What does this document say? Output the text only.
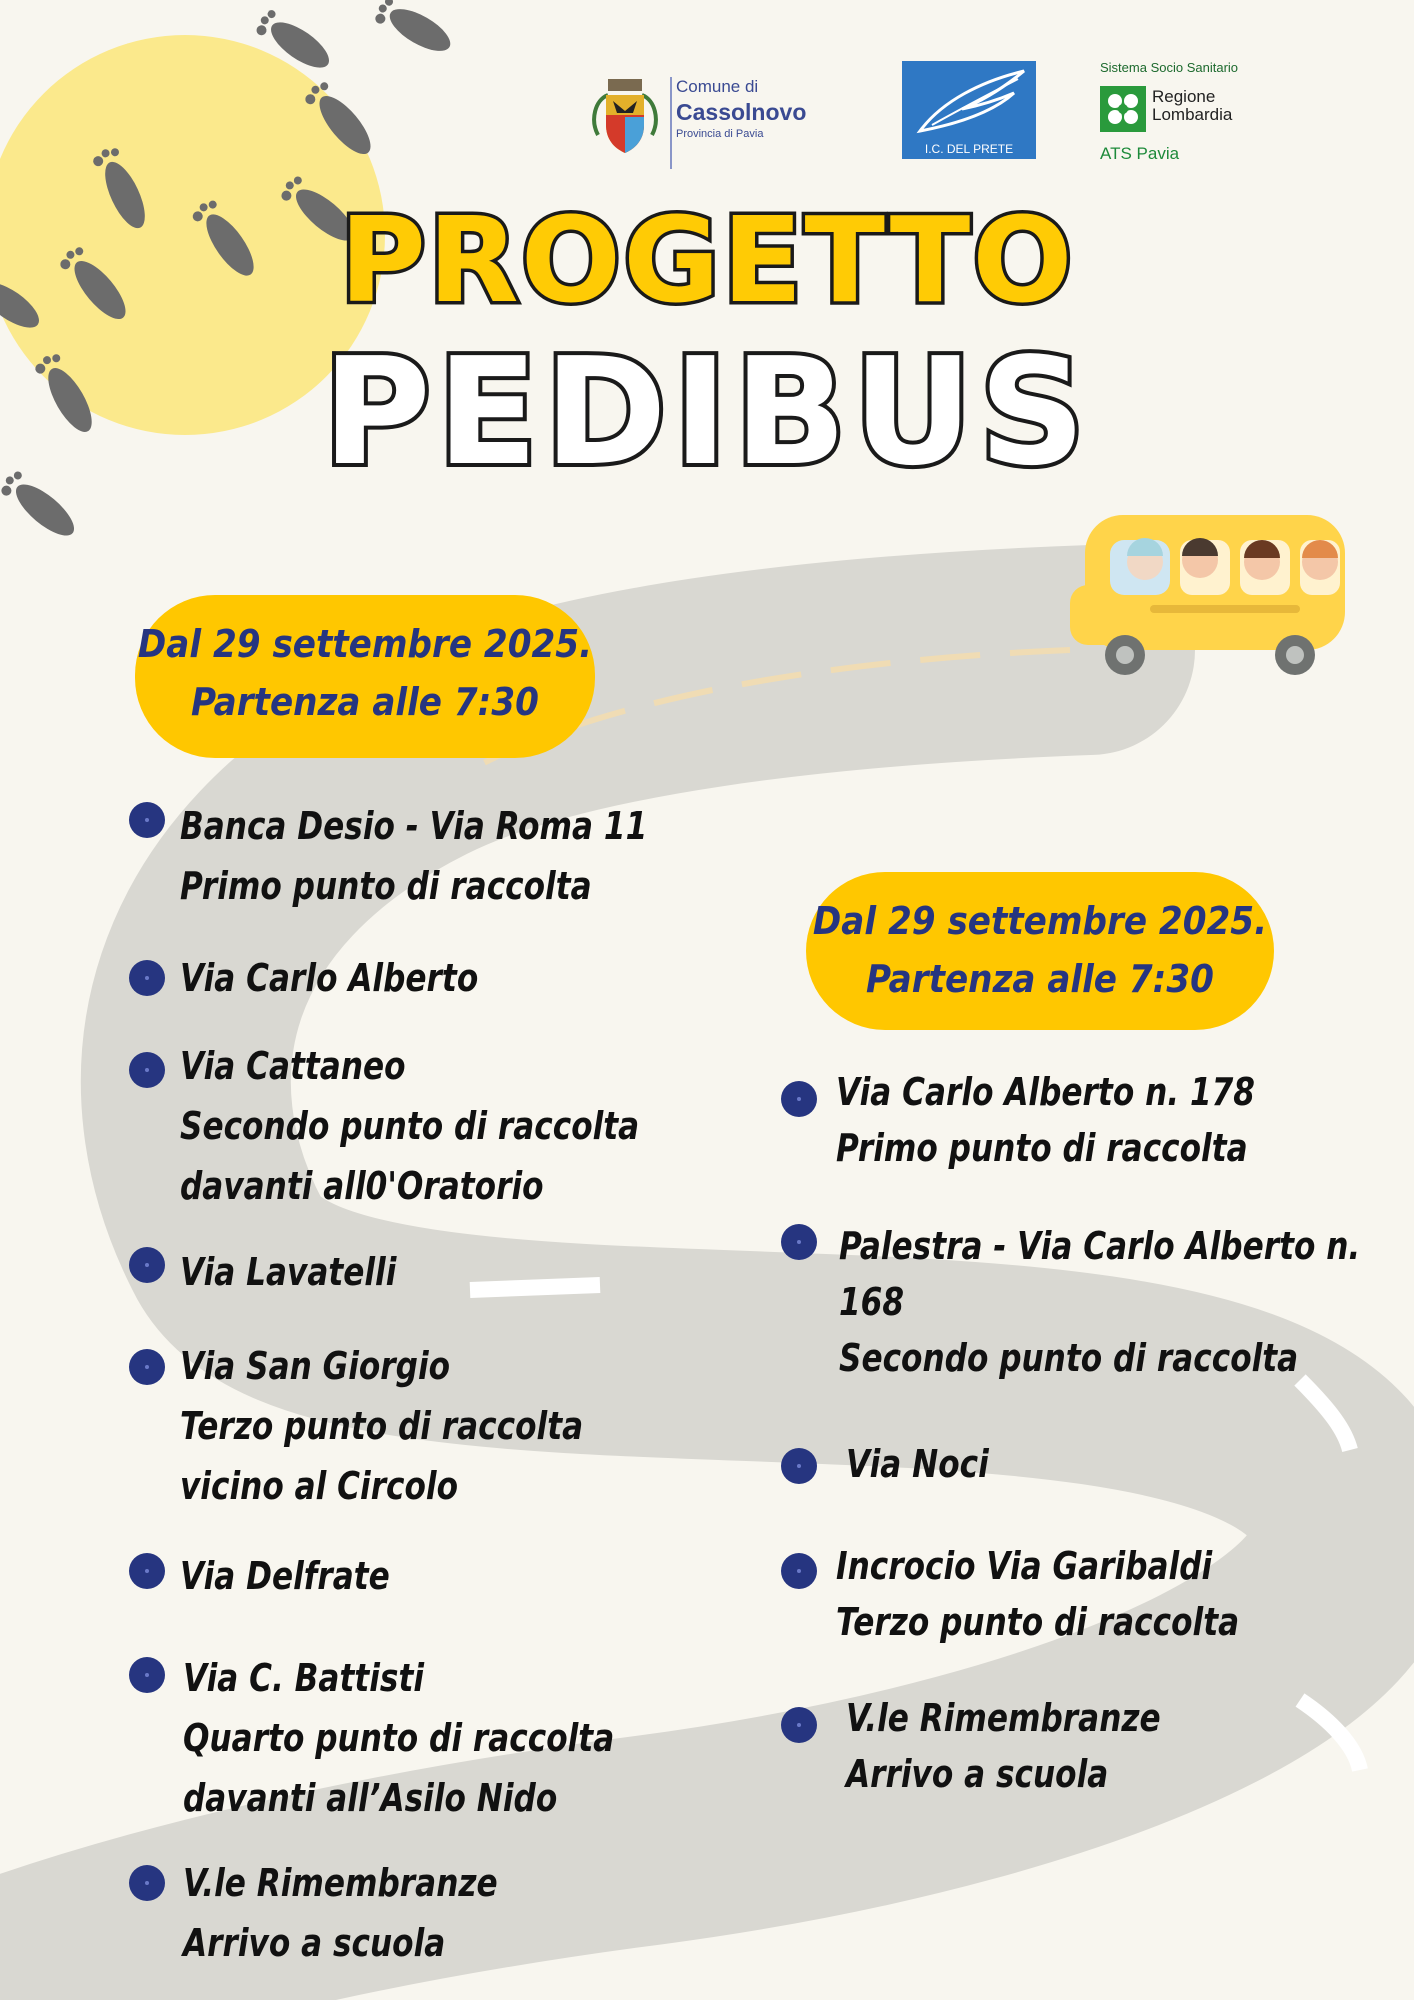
Comune di
Cassolnovo
Provincia di Pavia
I.C. DEL PRETE
Sistema Socio Sanitario
Regione
Lombardia
ATS Pavia
PROGETTO
PEDIBUS
Dal 29 settembre 2025.
Partenza alle 7:30
Banca Desio - Via Roma 11
Primo punto di raccolta
Via Carlo Alberto
Via Cattaneo
Secondo punto di raccolta
davanti all0'Oratorio
Via Lavatelli
Via San Giorgio
Terzo punto di raccolta
vicino al Circolo
Via Delfrate
Via C. Battisti
Quarto punto di raccolta
davanti all’Asilo Nido
V.le Rimembranze
Arrivo a scuola
Dal 29 settembre 2025.
Partenza alle 7:30
Via Carlo Alberto n. 178
Primo punto di raccolta
Palestra - Via Carlo Alberto n.
168
Secondo punto di raccolta
Via Noci
Incrocio Via Garibaldi
Terzo punto di raccolta
V.le Rimembranze
Arrivo a scuola
